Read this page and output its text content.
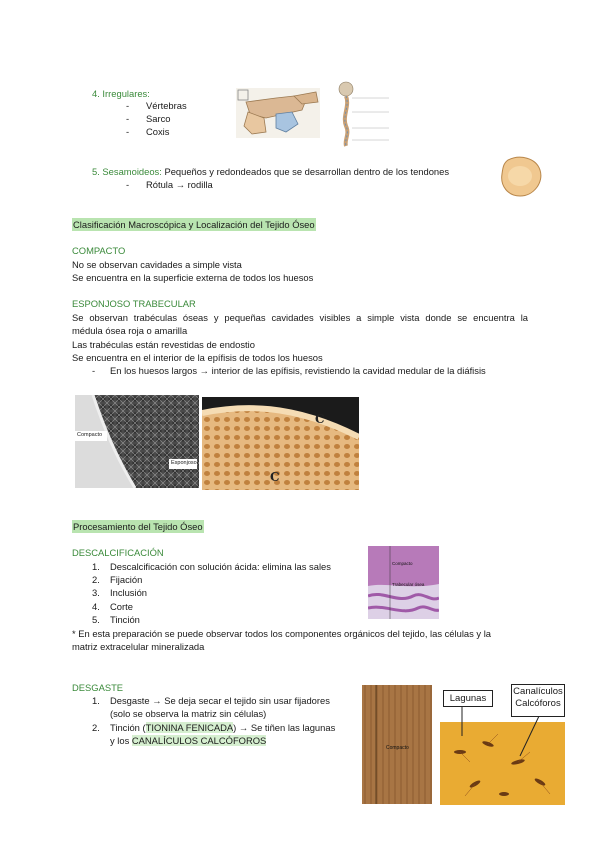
4. Irregulares:
- Vértebras
- Sarco
- Coxis
5. Sesamoideos: Pequeños y redondeados que se desarrollan dentro de los tendones
- Rótula → rodilla
Clasificación Macroscópica y Localización del Tejido Óseo
COMPACTO
No se observan cavidades a simple vista
Se encuentra en la superficie externa de todos los huesos
ESPONJOSO TRABECULAR
Se observan trabéculas óseas y pequeñas cavidades visibles a simple vista donde se encuentra la
médula ósea roja o amarilla
Las trabéculas están revestidas de endostio
Se encuentra en el interior de la epífisis de todos los huesos
- En los huesos largos → interior de las epífisis, revistiendo la cavidad medular de la diáfisis
Compacto
Esponjoso
C
C
Procesamiento del Tejido Óseo
DESCALCIFICACIÓN
1. Descalcificación con solución ácida: elimina las sales
2. Fijación
3. Inclusión
4. Corte
5. Tinción
* En esta preparación se puede observar todos los componentes orgánicos del tejido, las células y la
matriz extracelular mineralizada
Compacto
Trabecular ósea
DESGASTE
1. Desgaste → Se deja secar el tejido sin usar fijadores
(solo se observa la matriz sin células)
2. Tinción (TIONINA FENICADA) → Se tiñen las lagunas
y los CANALÍCULOS CALCÓFOROS
Compacto
Lagunas
Canalículos
Calcóforos
